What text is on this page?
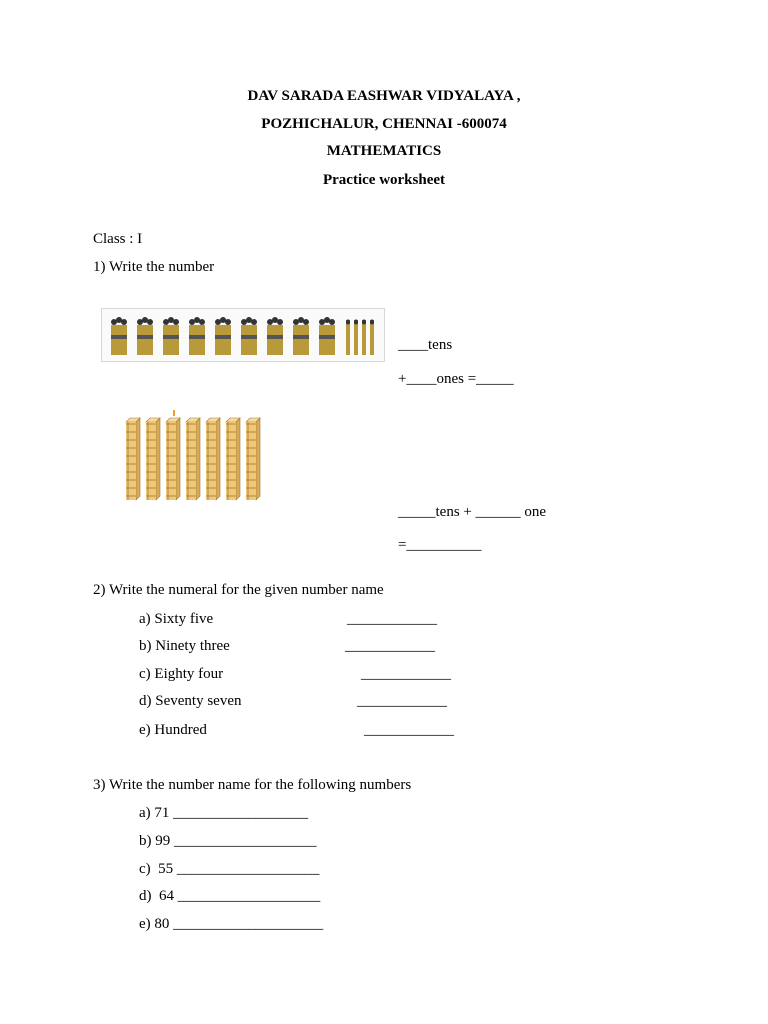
DAV SARADA EASHWAR VIDYALAYA ,
POZHICHALUR, CHENNAI -600074
MATHEMATICS
Practice worksheet
Class : I
1) Write the number
____tens
+____ones =_____
_____tens + ______ one
=__________
2) Write the numeral for the given number name
a) Sixty five	____________
b) Ninety three	____________
c) Eighty four	____________
d) Seventy seven	____________
e) Hundred	____________
3) Write the number name for the following numbers
a) 71 __________________
b) 99 ___________________
c)  55 ___________________
d)  64 ___________________
e) 80 ____________________
